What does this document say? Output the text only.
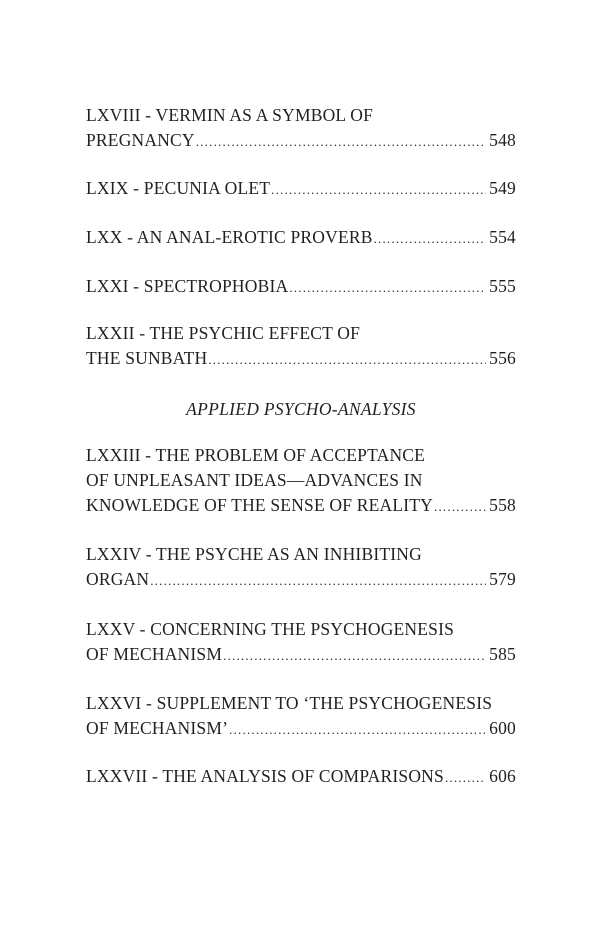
LXVIII - VERMIN AS A SYMBOL OF
PREGNANCY .....	548
LXIX - PECUNIA OLET .....	549
LXX - AN ANAL-EROTIC PROVERB .....	554
LXXI - SPECTROPHOBIA .....	555
LXXII - THE PSYCHIC EFFECT OF
THE SUNBATH .....	556
APPLIED PSYCHO-ANALYSIS
LXXIII - THE PROBLEM OF ACCEPTANCE
OF UNPLEASANT IDEAS—ADVANCES IN
KNOWLEDGE OF THE SENSE OF REALITY .....	558
LXXIV - THE PSYCHE AS AN INHIBITING
ORGAN .....	579
LXXV - CONCERNING THE PSYCHOGENESIS
OF MECHANISM .....	585
LXXVI - SUPPLEMENT TO ‘THE PSYCHOGENESIS
OF MECHANISM’ .....	600
LXXVII - THE ANALYSIS OF COMPARISONS .....	606
